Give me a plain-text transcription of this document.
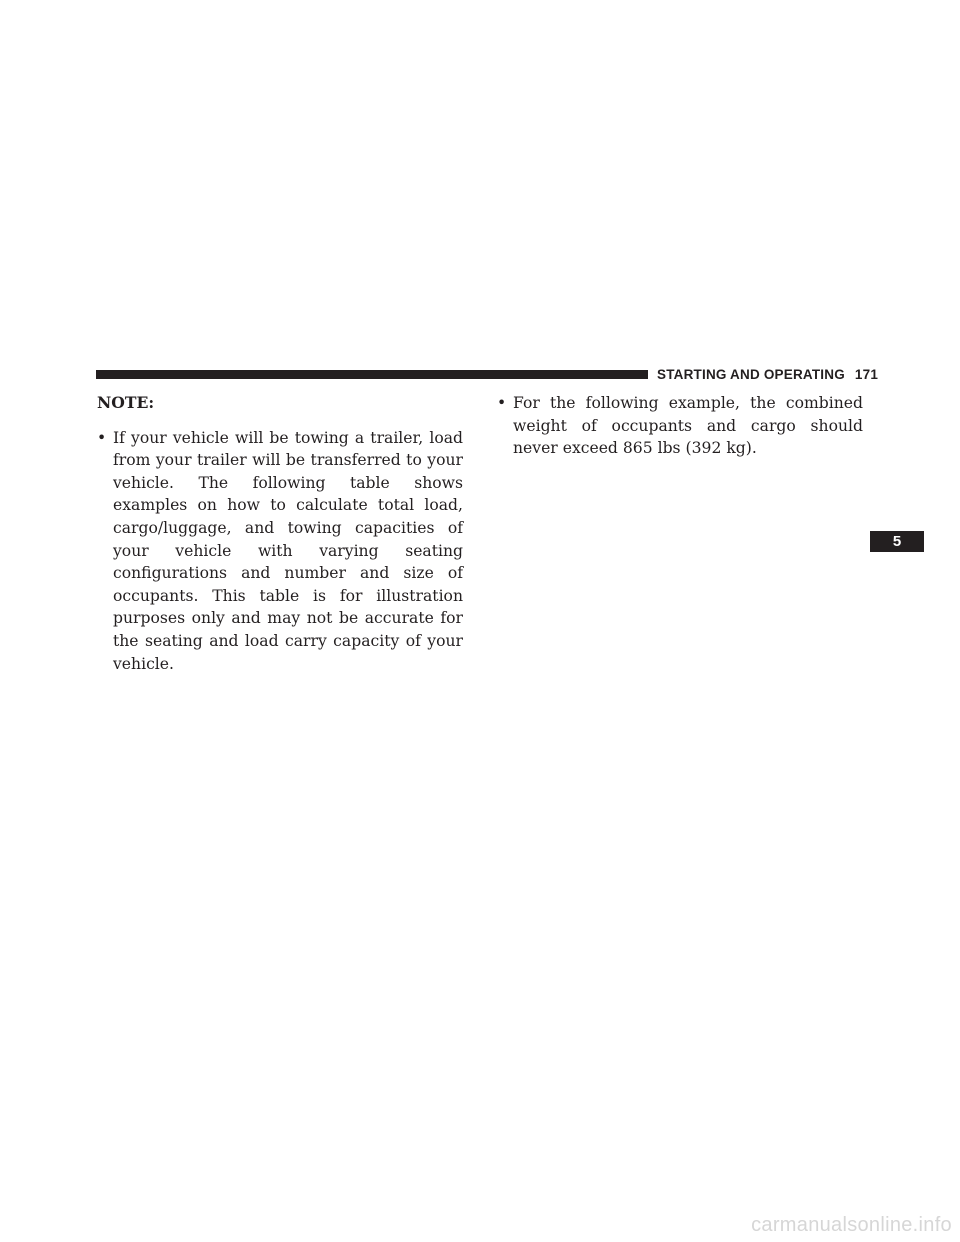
STARTING AND OPERATING 171

NOTE:

• If your vehicle will be towing a trailer, load from your trailer will be transferred to your vehicle. The following table shows examples on how to calculate total load, cargo/luggage, and towing capacities of your vehicle with varying seating configurations and number and size of occupants. This table is for illustration purposes only and may not be accurate for the seating and load carry capacity of your vehicle.

• For the following example, the combined weight of occupants and cargo should never exceed 865 lbs (392 kg).

5
carmanualsonline.info
